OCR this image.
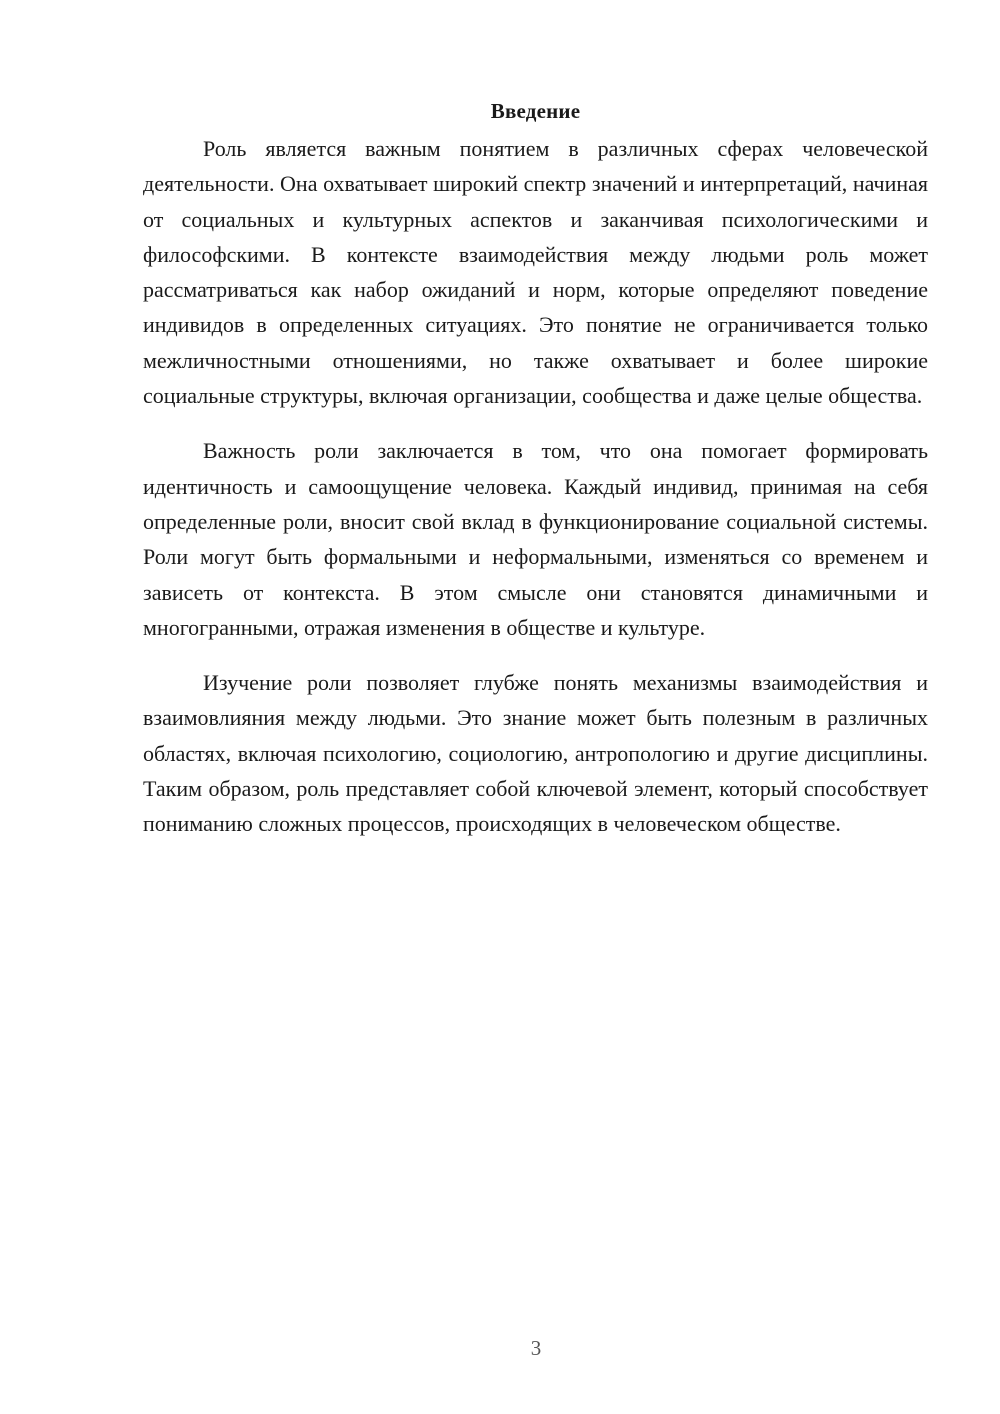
Введение

Роль является важным понятием в различных сферах человеческой деятельности. Она охватывает широкий спектр значений и интерпретаций, начиная от социальных и культурных аспектов и заканчивая психологическими и философскими. В контексте взаимодействия между людьми роль может рассматриваться как набор ожиданий и норм, которые определяют поведение индивидов в определенных ситуациях. Это понятие не ограничивается только межличностными отношениями, но также охватывает и более широкие социальные структуры, включая организации, сообщества и даже целые общества.

Важность роли заключается в том, что она помогает формировать идентичность и самоощущение человека. Каждый индивид, принимая на себя определенные роли, вносит свой вклад в функционирование социальной системы. Роли могут быть формальными и неформальными, изменяться со временем и зависеть от контекста. В этом смысле они становятся динамичными и многогранными, отражая изменения в обществе и культуре.

Изучение роли позволяет глубже понять механизмы взаимодействия и взаимовлияния между людьми. Это знание может быть полезным в различных областях, включая психологию, социологию, антропологию и другие дисциплины. Таким образом, роль представляет собой ключевой элемент, который способствует пониманию сложных процессов, происходящих в человеческом обществе.

3
